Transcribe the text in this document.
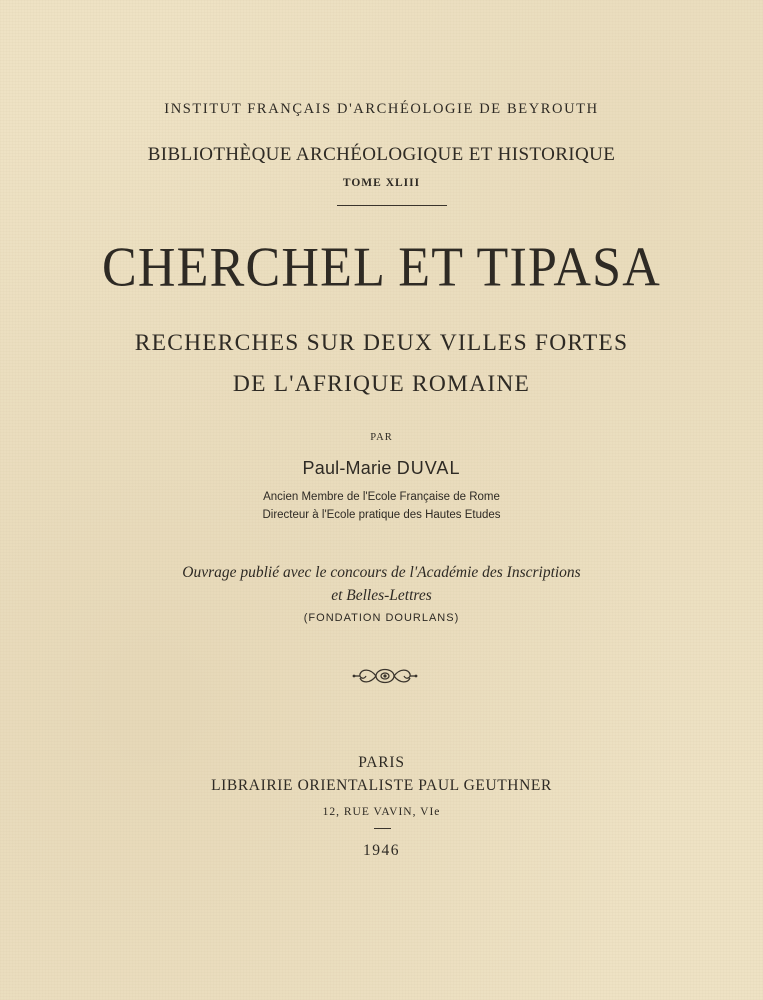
INSTITUT FRANÇAIS D'ARCHÉOLOGIE DE BEYROUTH
BIBLIOTHÈQUE ARCHÉOLOGIQUE ET HISTORIQUE
TOME XLIII
CHERCHEL ET TIPASA
RECHERCHES SUR DEUX VILLES FORTES
DE L'AFRIQUE ROMAINE
PAR
Paul-Marie DUVAL
Ancien Membre de l'Ecole Française de Rome
Directeur à l'Ecole pratique des Hautes Etudes
Ouvrage publié avec le concours de l'Académie des Inscriptions
et Belles-Lettres
(FONDATION DOURLANS)
PARIS
LIBRAIRIE ORIENTALISTE PAUL GEUTHNER
12, RUE VAVIN, VIe
1946
